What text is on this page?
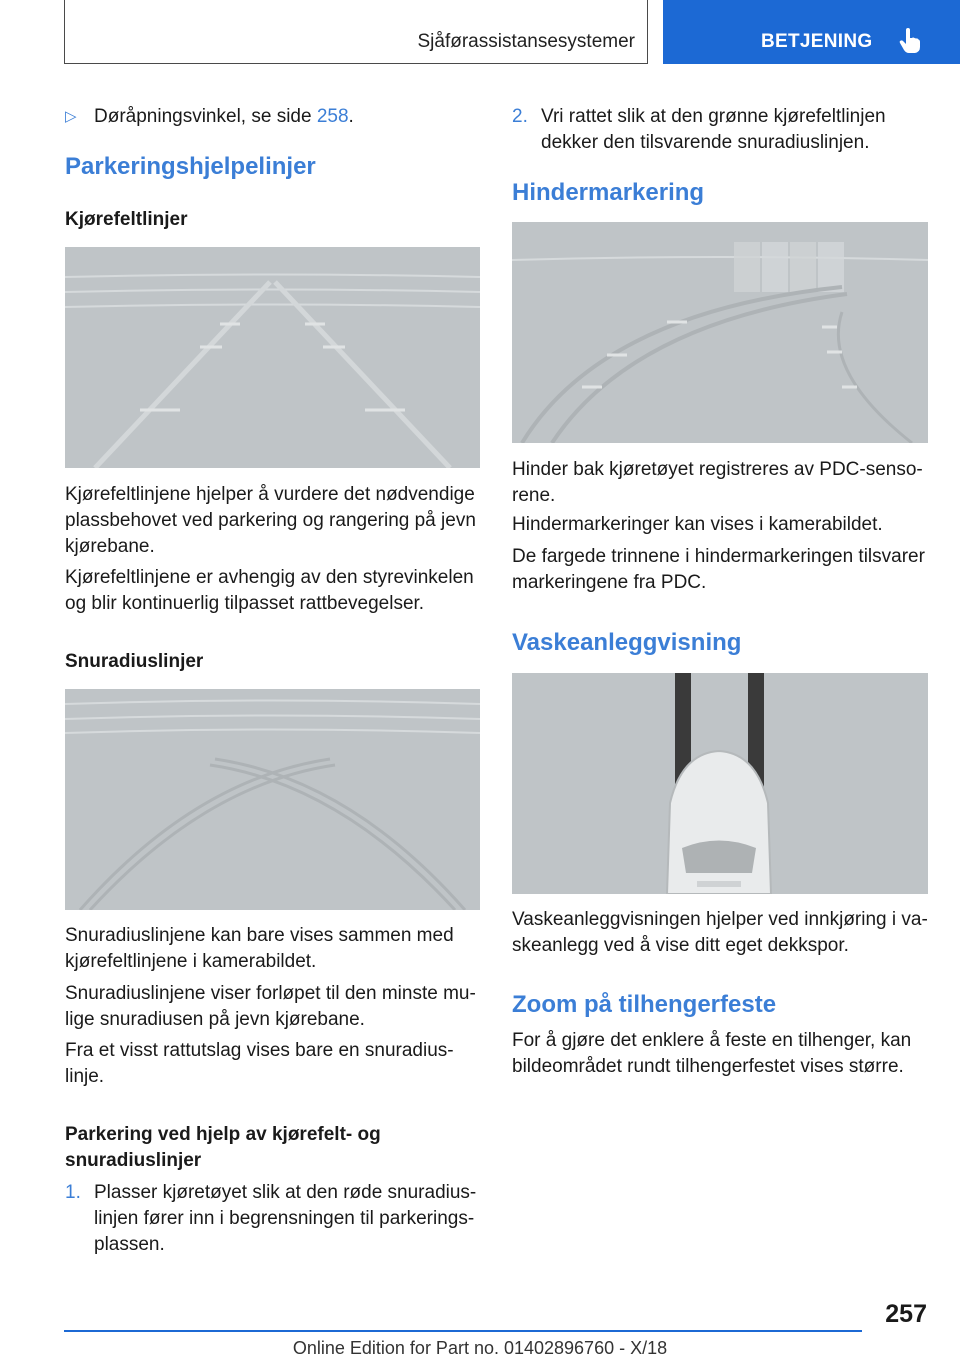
Sjåførassistansesystemer	BETJENING
▷ Døråpningsvinkel, se side 258.
Parkeringshjelpelinjer
Kjørefeltlinjer
Kjørefeltlinjene hjelper å vurdere det nødvendige plassbehovet ved parkering og rangering på jevn kjørebane.
Kjørefeltlinjene er avhengig av den styrevinkelen og blir kontinuerlig tilpasset rattbevegelser.
Snuradiuslinjer
Snuradiuslinjene kan bare vises sammen med kjørefeltlinjene i kamerabildet.
Snuradiuslinjene viser forløpet til den minste mulige snuradiusen på jevn kjørebane.
Fra et visst rattutslag vises bare en snuradiuslinje.
Parkering ved hjelp av kjørefelt- og snuradiuslinjer
1. Plasser kjøretøyet slik at den røde snuradiuslinjen fører inn i begrensningen til parkeringsplassen.
2. Vri rattet slik at den grønne kjørefeltlinjen dekker den tilsvarende snuradiuslinjen.
Hindermarkering
Hinder bak kjøretøyet registreres av PDC-sensorene.
Hindermarkeringer kan vises i kamerabildet.
De fargede trinnene i hindermarkeringen tilsvarer markeringene fra PDC.
Vaskeanleggvisning
Vaskeanleggvisningen hjelper ved innkjøring i vaskeanlegg ved å vise ditt eget dekkspor.
Zoom på tilhengerfeste
For å gjøre det enklere å feste en tilhenger, kan bildeområdet rundt tilhengerfestet vises større.
257
Online Edition for Part no. 01402896760 - X/18
